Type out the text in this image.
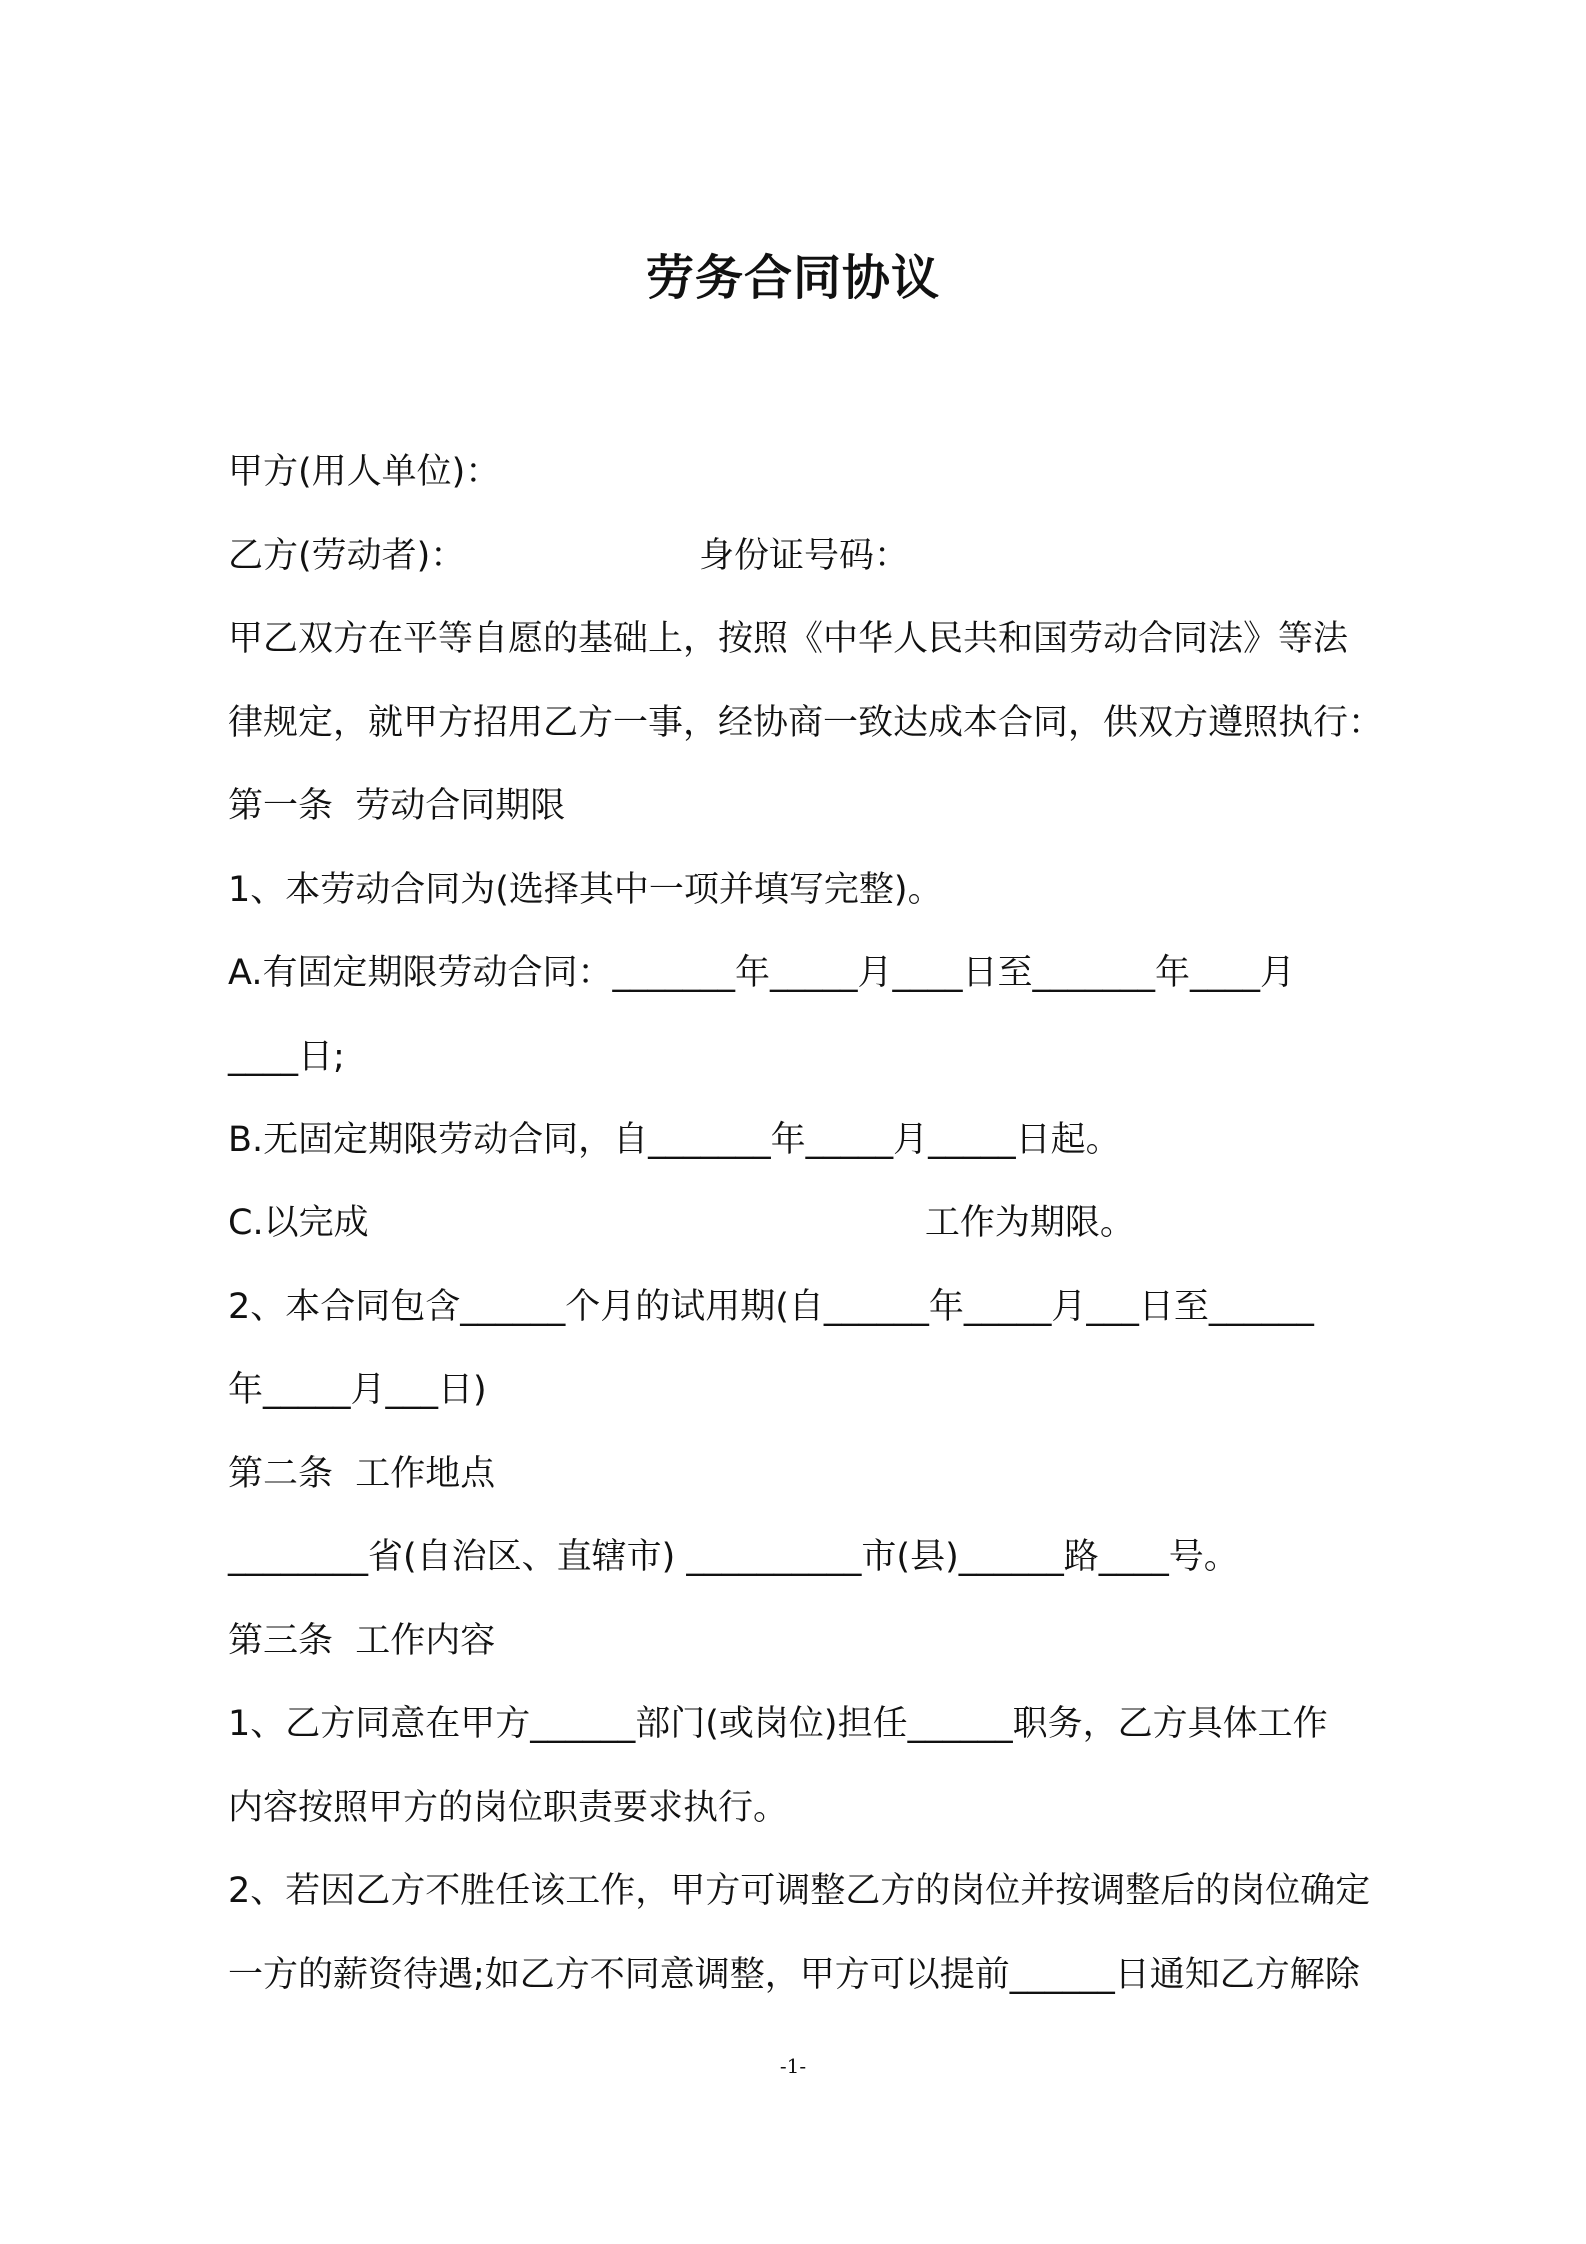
劳务合同协议

甲方(用人单位)：

乙方(劳动者)：                     身份证号码：

甲乙双方在平等自愿的基础上，按照《中华人民共和国劳动合同法》等法

律规定，就甲方招用乙方一事，经协商一致达成本合同，供双方遵照执行：

第一条  劳动合同期限

1、本劳动合同为(选择其中一项并填写完整)。

A.有固定期限劳动合同：_______年_____月____日至_______年____月

____日;

B.无固定期限劳动合同，自_______年_____月_____日起。

C.以完成                                                  工作为期限。

2、本合同包含______个月的试用期(自______年_____月___日至______

年_____月___日)

第二条  工作地点

________省(自治区、直辖市) __________市(县)______路____号。

第三条  工作内容

1、乙方同意在甲方______部门(或岗位)担任______职务，乙方具体工作

内容按照甲方的岗位职责要求执行。

2、若因乙方不胜任该工作，甲方可调整乙方的岗位并按调整后的岗位确定

一方的薪资待遇;如乙方不同意调整，甲方可以提前______日通知乙方解除

-1-
